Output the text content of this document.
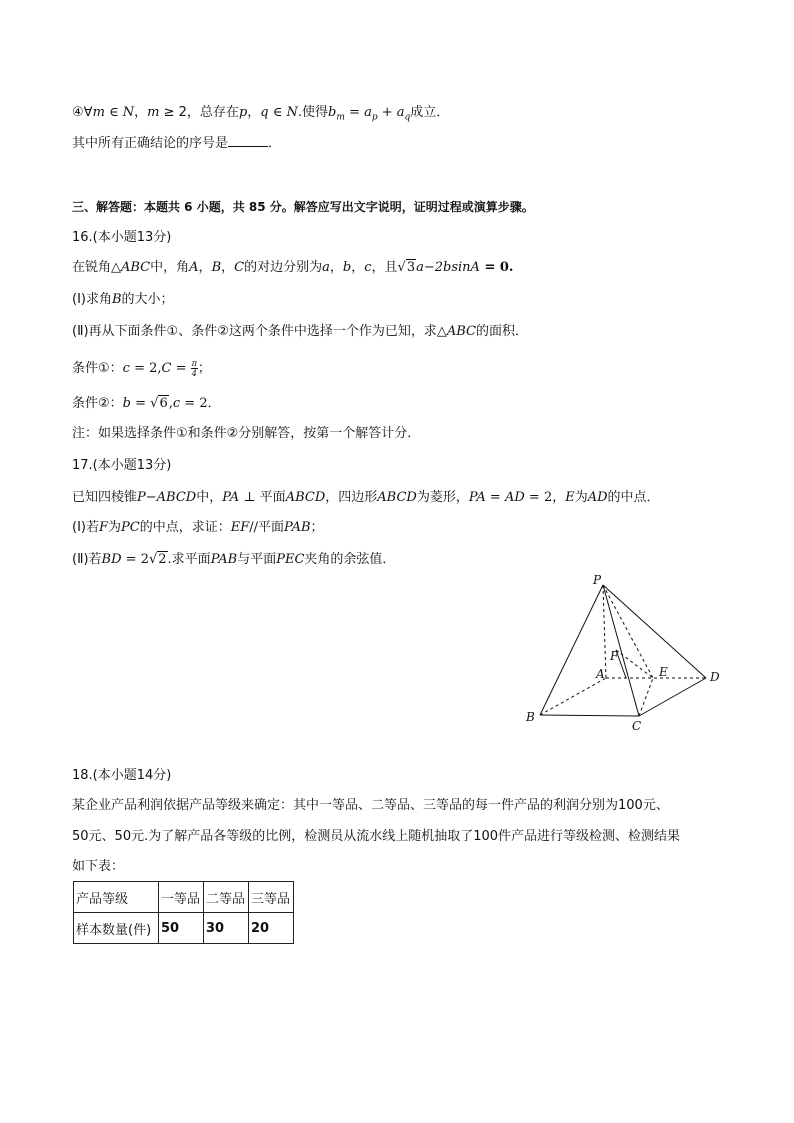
④∀m ∈ N，m ≥ 2，总存在p，q ∈ N.使得$b_m = a_p + a_q$成立．
其中所有正确结论的序号是	．
三、解答题：本题共 6 小题，共 85 分。解答应写出文字说明，证明过程或演算步骤。
16.(本小题13分)
在锐角△ABC中，角A，B，C的对边分别为a，b，c，且√3a−2bsinA = 0.
(Ⅰ)求角B的大小；
(Ⅱ)再从下面条件①、条件②这两个条件中选择一个作为已知，求△ABC的面积．
条件①：$c = 2,C = \frac{\pi}{4}$ ；
条件②：b = √6,c = 2．
注：如果选择条件①和条件②分别解答，按第一个解答计分．
17.(本小题13分)
已知四棱锥P−ABCD中，PA ⊥ 平面ABCD，四边形ABCD为菱形，PA = AD = 2，E为AD的中点．
(Ⅰ)若F为PC的中点，求证：EF//平面PAB；
(Ⅱ)若BD = 2√2.求平面PAB与平面PEC夹角的余弦值．
P
A
B
C
D
E
F
18.(本小题14分)
某企业产品利润依据产品等级来确定：其中一等品、二等品、三等品的每一件产品的利润分别为100元、
50元、50元.为了解产品各等级的比例，检测员从流水线上随机抽取了100件产品进行等级检测、检测结果
如下表：
产品等级	一等品	二等品	三等品
样本数量(件)	50	30	20
